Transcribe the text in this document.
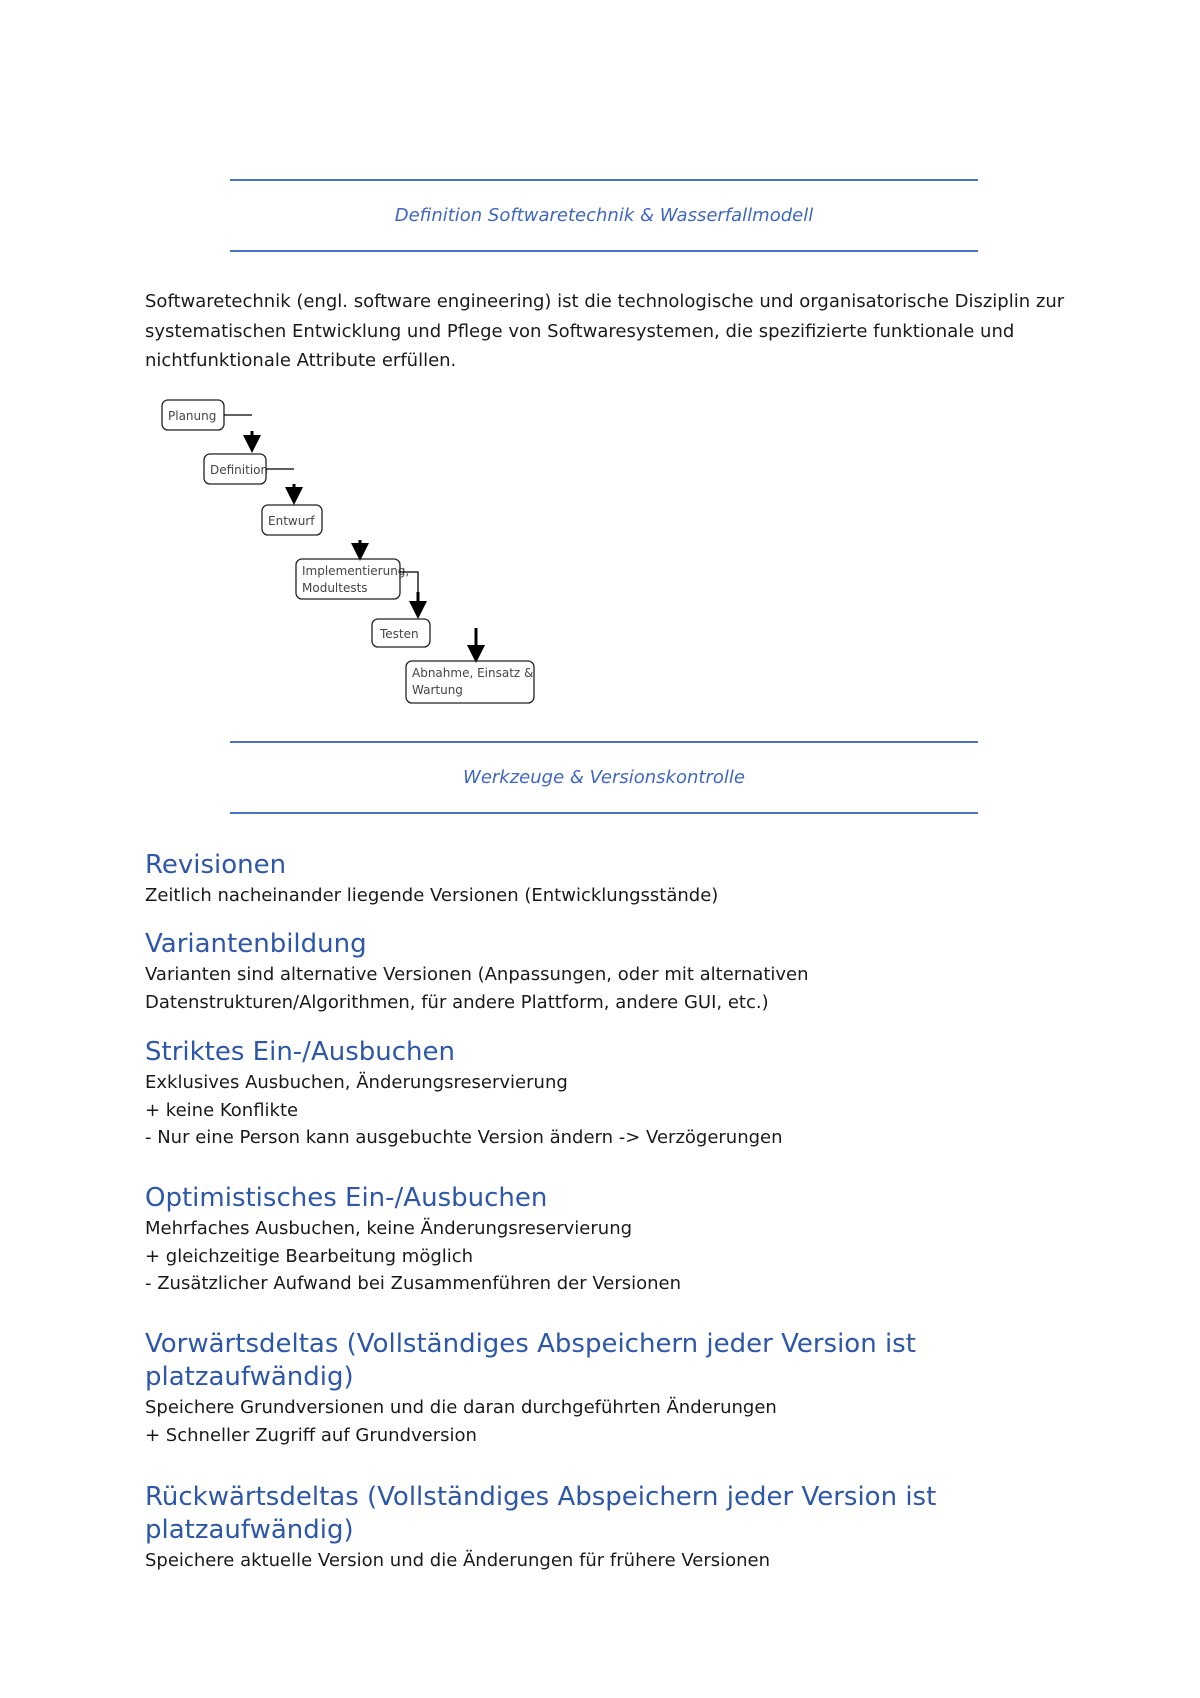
Definition Softwaretechnik & Wasserfallmodell
Softwaretechnik (engl. software engineering) ist die technologische und organisatorische Disziplin zur systematischen Entwicklung und Pflege von Softwaresystemen, die spezifizierte funktionale und nichtfunktionale Attribute erfüllen.
Planung
Definition
Entwurf
Implementierung,
Modultests
Testen
Abnahme, Einsatz &
Wartung
Werkzeuge & Versionskontrolle
Revisionen
Zeitlich nacheinander liegende Versionen (Entwicklungsstände)
Variantenbildung
Varianten sind alternative Versionen (Anpassungen, oder mit alternativen
Datenstrukturen/Algorithmen, für andere Plattform, andere GUI, etc.)
Striktes Ein-/Ausbuchen
Exklusives Ausbuchen, Änderungsreservierung
+ keine Konflikte
- Nur eine Person kann ausgebuchte Version ändern -> Verzögerungen
Optimistisches Ein-/Ausbuchen
Mehrfaches Ausbuchen, keine Änderungsreservierung
+ gleichzeitige Bearbeitung möglich
- Zusätzlicher Aufwand bei Zusammenführen der Versionen
Vorwärtsdeltas (Vollständiges Abspeichern jeder Version ist
platzaufwändig)
Speichere Grundversionen und die daran durchgeführten Änderungen
+ Schneller Zugriff auf Grundversion
Rückwärtsdeltas (Vollständiges Abspeichern jeder Version ist
platzaufwändig)
Speichere aktuelle Version und die Änderungen für frühere Versionen
